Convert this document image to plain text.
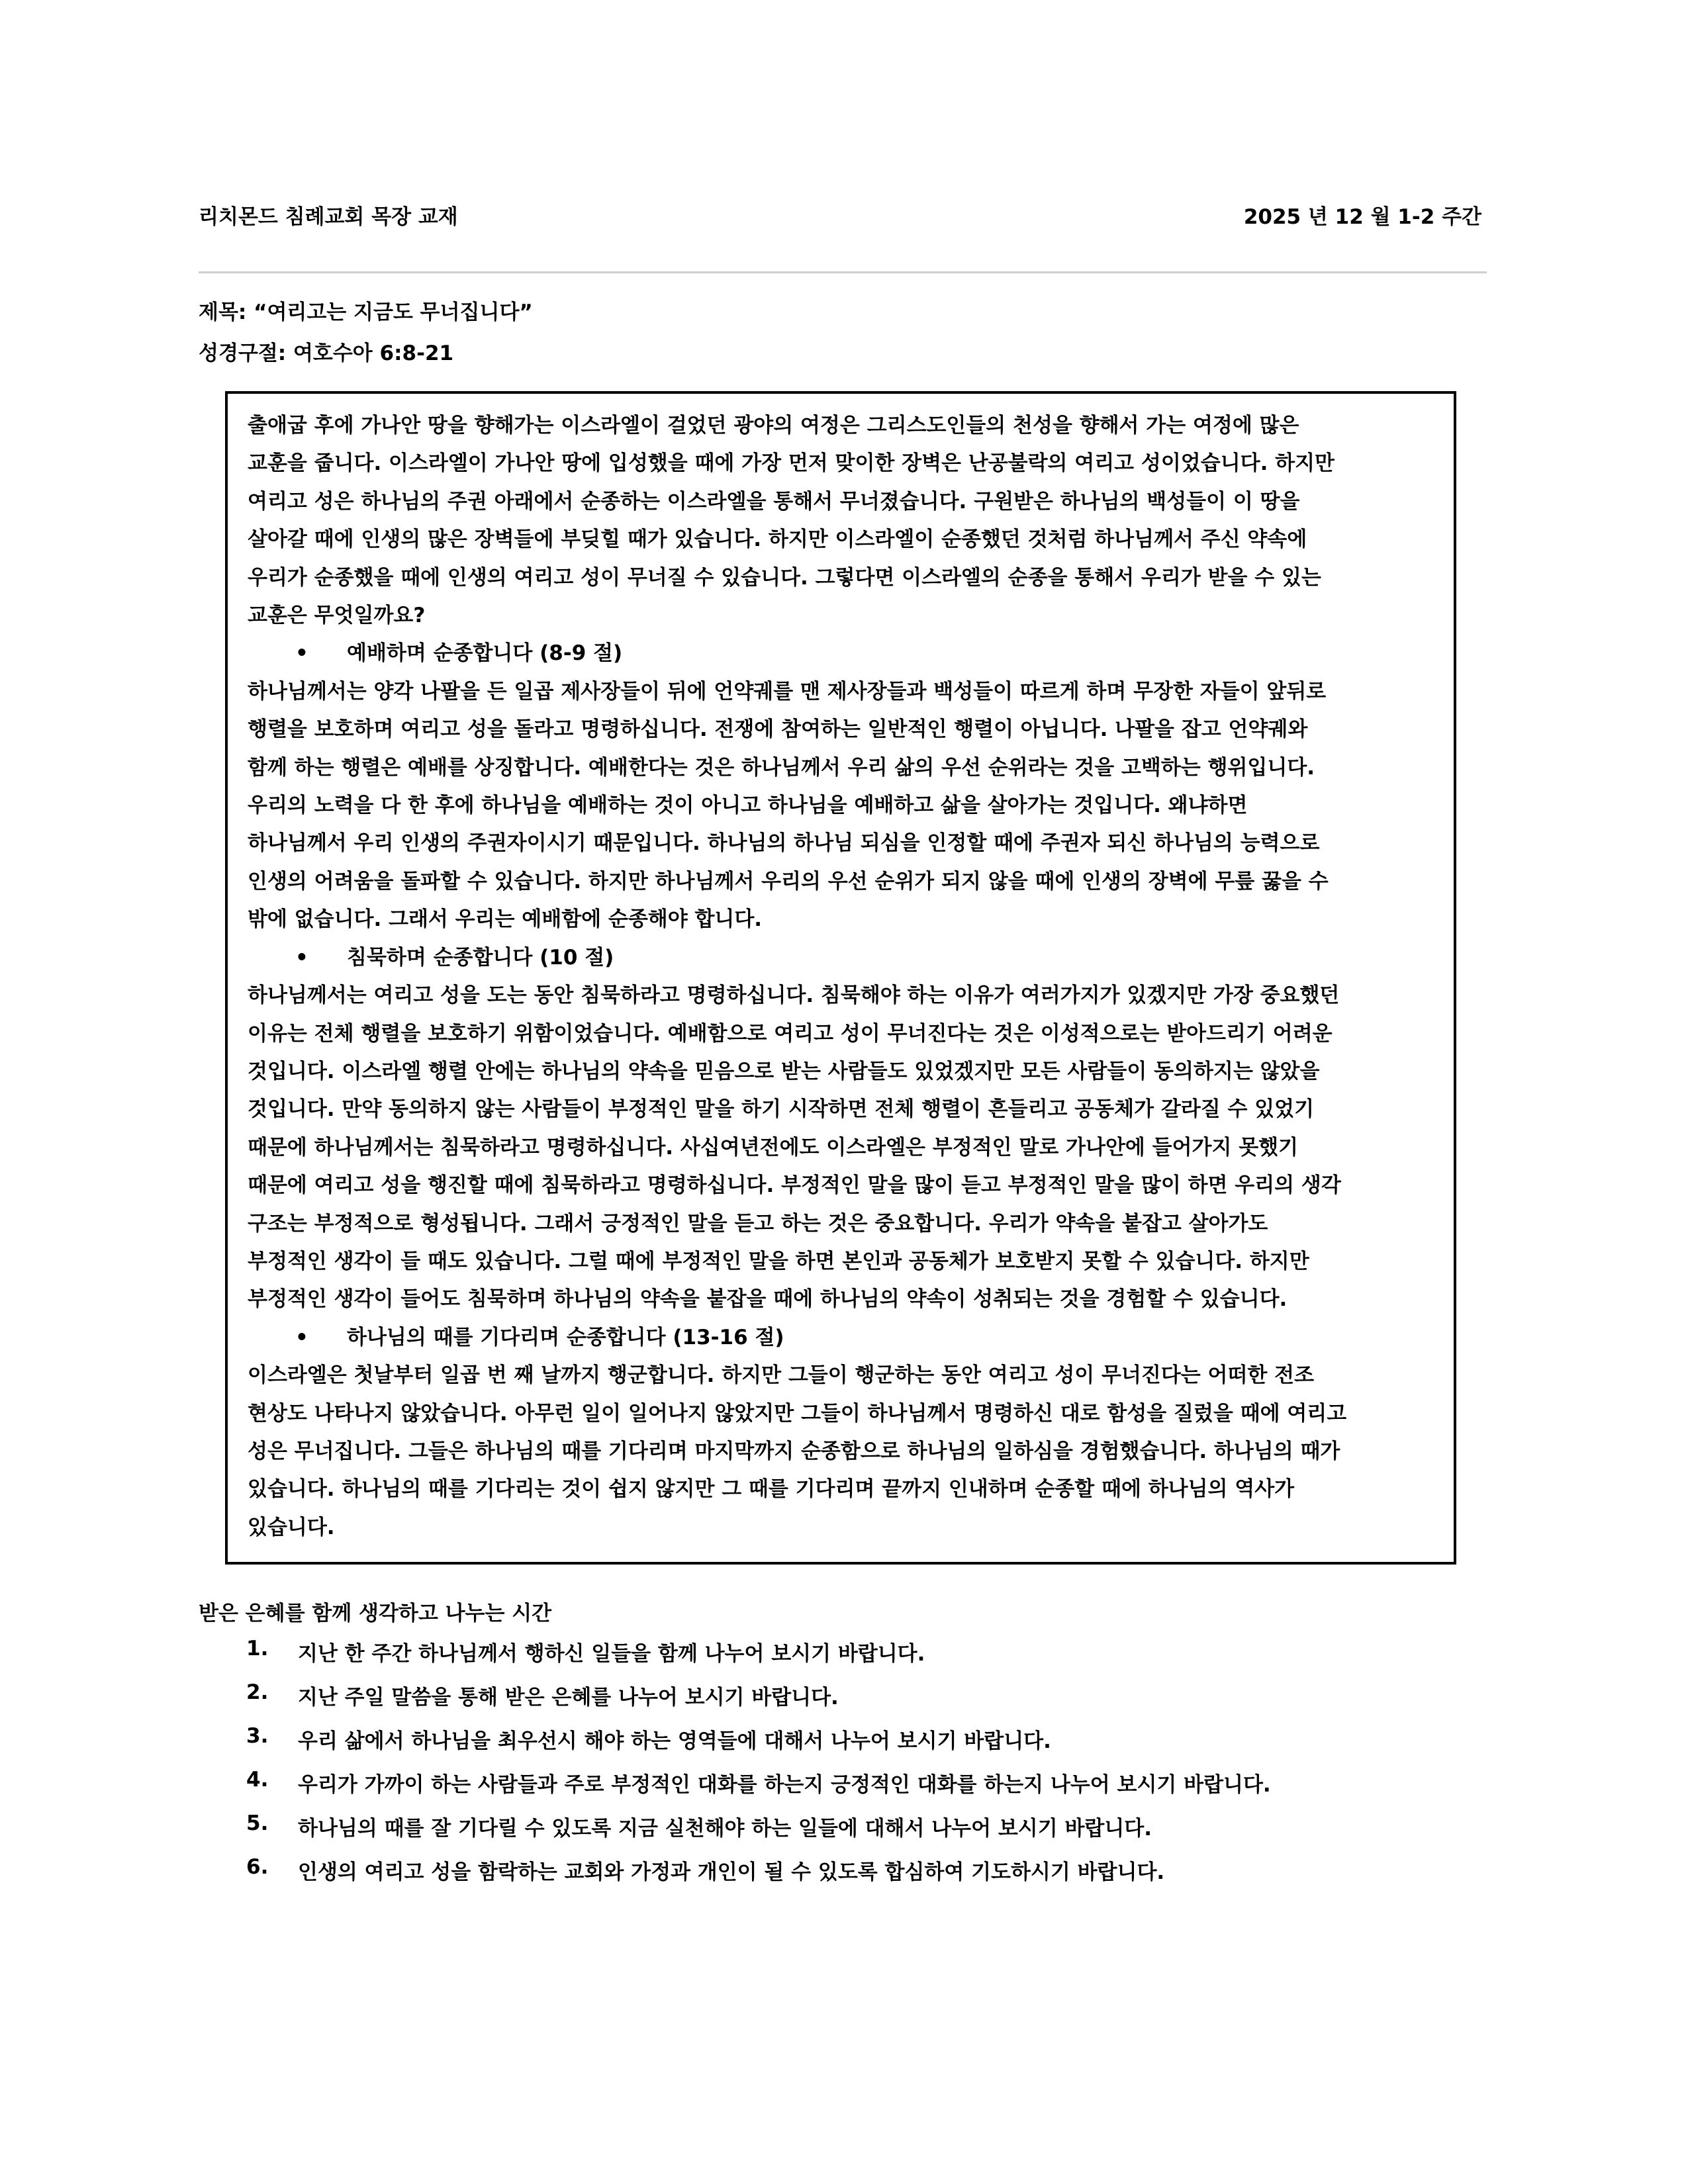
리치몬드 침례교회 목장 교재	2025 년 12 월 1-2 주간
제목: “여리고는 지금도 무너집니다”
성경구절: 여호수아 6:8-21

출애굽 후에 가나안 땅을 향해가는 이스라엘이 걸었던 광야의 여정은 그리스도인들의 천성을 향해서 가는 여정에 많은

교훈을 줍니다. 이스라엘이 가나안 땅에 입성했을 때에 가장 먼저 맞이한 장벽은 난공불락의 여리고 성이었습니다. 하지만

여리고 성은 하나님의 주권 아래에서 순종하는 이스라엘을 통해서 무너졌습니다. 구원받은 하나님의 백성들이 이 땅을

살아갈 때에 인생의 많은 장벽들에 부딪힐 때가 있습니다. 하지만 이스라엘이 순종했던 것처럼 하나님께서 주신 약속에

우리가 순종했을 때에 인생의 여리고 성이 무너질 수 있습니다. 그렇다면 이스라엘의 순종을 통해서 우리가 받을 수 있는

교훈은 무엇일까요?

• 예배하며 순종합니다 (8-9 절)

하나님께서는 양각 나팔을 든 일곱 제사장들이 뒤에 언약궤를 맨 제사장들과 백성들이 따르게 하며 무장한 자들이 앞뒤로

행렬을 보호하며 여리고 성을 돌라고 명령하십니다. 전쟁에 참여하는 일반적인 행렬이 아닙니다. 나팔을 잡고 언약궤와

함께 하는 행렬은 예배를 상징합니다. 예배한다는 것은 하나님께서 우리 삶의 우선 순위라는 것을 고백하는 행위입니다.

우리의 노력을 다 한 후에 하나님을 예배하는 것이 아니고 하나님을 예배하고 삶을 살아가는 것입니다. 왜냐하면

하나님께서 우리 인생의 주권자이시기 때문입니다. 하나님의 하나님 되심을 인정할 때에 주권자 되신 하나님의 능력으로

인생의 어려움을 돌파할 수 있습니다. 하지만 하나님께서 우리의 우선 순위가 되지 않을 때에 인생의 장벽에 무릎 꿇을 수

밖에 없습니다. 그래서 우리는 예배함에 순종해야 합니다.

• 침묵하며 순종합니다 (10 절)

하나님께서는 여리고 성을 도는 동안 침묵하라고 명령하십니다. 침묵해야 하는 이유가 여러가지가 있겠지만 가장 중요했던

이유는 전체 행렬을 보호하기 위함이었습니다. 예배함으로 여리고 성이 무너진다는 것은 이성적으로는 받아드리기 어려운

것입니다. 이스라엘 행렬 안에는 하나님의 약속을 믿음으로 받는 사람들도 있었겠지만 모든 사람들이 동의하지는 않았을

것입니다. 만약 동의하지 않는 사람들이 부정적인 말을 하기 시작하면 전체 행렬이 흔들리고 공동체가 갈라질 수 있었기

때문에 하나님께서는 침묵하라고 명령하십니다. 사십여년전에도 이스라엘은 부정적인 말로 가나안에 들어가지 못했기

때문에 여리고 성을 행진할 때에 침묵하라고 명령하십니다. 부정적인 말을 많이 듣고 부정적인 말을 많이 하면 우리의 생각

구조는 부정적으로 형성됩니다. 그래서 긍정적인 말을 듣고 하는 것은 중요합니다. 우리가 약속을 붙잡고 살아가도

부정적인 생각이 들 때도 있습니다. 그럴 때에 부정적인 말을 하면 본인과 공동체가 보호받지 못할 수 있습니다. 하지만

부정적인 생각이 들어도 침묵하며 하나님의 약속을 붙잡을 때에 하나님의 약속이 성취되는 것을 경험할 수 있습니다.

• 하나님의 때를 기다리며 순종합니다 (13-16 절)

이스라엘은 첫날부터 일곱 번 째 날까지 행군합니다. 하지만 그들이 행군하는 동안 여리고 성이 무너진다는 어떠한 전조

현상도 나타나지 않았습니다. 아무런 일이 일어나지 않았지만 그들이 하나님께서 명령하신 대로 함성을 질렀을 때에 여리고

성은 무너집니다. 그들은 하나님의 때를 기다리며 마지막까지 순종함으로 하나님의 일하심을 경험했습니다. 하나님의 때가

있습니다. 하나님의 때를 기다리는 것이 쉽지 않지만 그 때를 기다리며 끝까지 인내하며 순종할 때에 하나님의 역사가

있습니다.

받은 은혜를 함께 생각하고 나누는 시간
1. 지난 한 주간 하나님께서 행하신 일들을 함께 나누어 보시기 바랍니다.
2. 지난 주일 말씀을 통해 받은 은혜를 나누어 보시기 바랍니다.
3. 우리 삶에서 하나님을 최우선시 해야 하는 영역들에 대해서 나누어 보시기 바랍니다.
4. 우리가 가까이 하는 사람들과 주로 부정적인 대화를 하는지 긍정적인 대화를 하는지 나누어 보시기 바랍니다.
5. 하나님의 때를 잘 기다릴 수 있도록 지금 실천해야 하는 일들에 대해서 나누어 보시기 바랍니다.
6. 인생의 여리고 성을 함락하는 교회와 가정과 개인이 될 수 있도록 합심하여 기도하시기 바랍니다.
